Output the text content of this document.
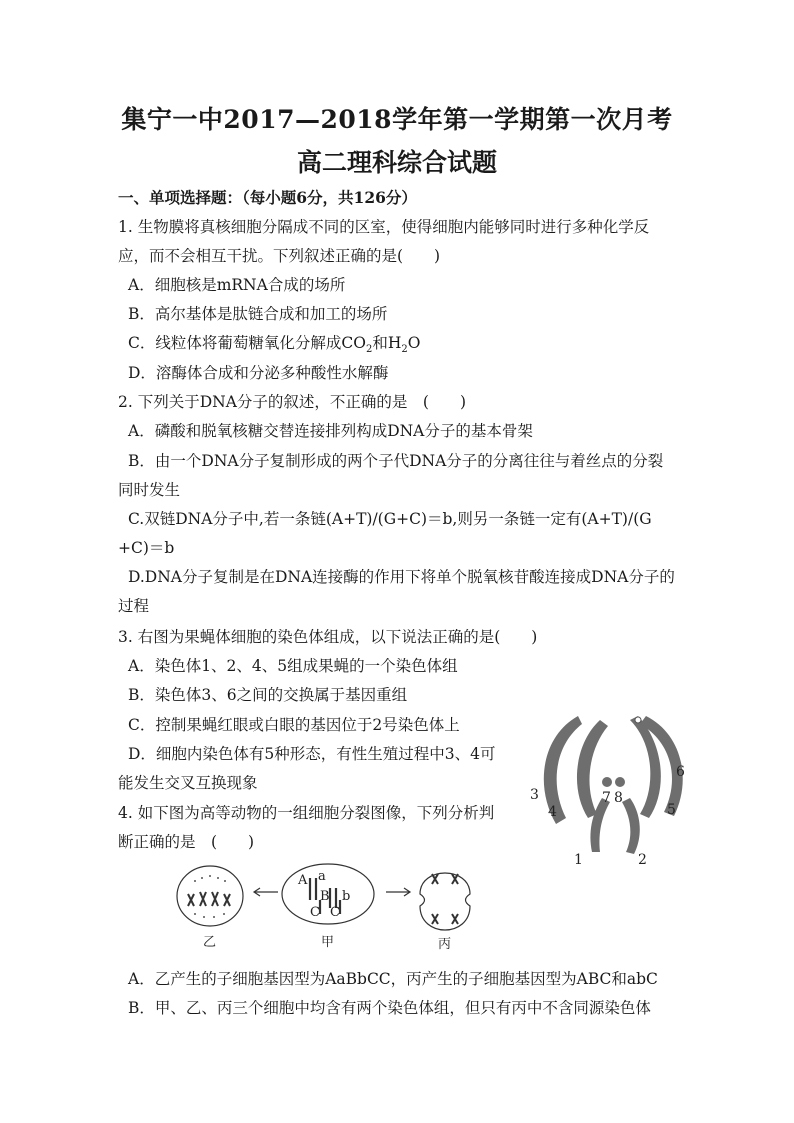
集宁一中2017—2018学年第一学期第一次月考
高二理科综合试题
一、单项选择题：（每小题6分，共126分）
1. 生物膜将真核细胞分隔成不同的区室，使得细胞内能够同时进行多种化学反
应，而不会相互干扰。下列叙述正确的是(　　)
A．细胞核是mRNA合成的场所
B．高尔基体是肽链合成和加工的场所
C．线粒体将葡萄糖氧化分解成$CO_2$和$H_2O$
D．溶酶体合成和分泌多种酸性水解酶
2. 下列关于DNA分子的叙述，不正确的是　(　　)
A．磷酸和脱氧核糖交替连接排列构成DNA分子的基本骨架
B．由一个DNA分子复制形成的两个子代DNA分子的分离往往与着丝点的分裂
同时发生
C.双链DNA分子中,若一条链(A+T)/(G+C)＝b,则另一条链一定有(A+T)/(G
+C)＝b
D.DNA分子复制是在DNA连接酶的作用下将单个脱氧核苷酸连接成DNA分子的
过程
3. 右图为果蝇体细胞的染色体组成，以下说法正确的是(　　)
A．染色体1、2、4、5组成果蝇的一个染色体组
B．染色体3、6之间的交换属于基因重组
C．控制果蝇红眼或白眼的基因位于2号染色体上
D．细胞内染色体有5种形态，有性生殖过程中3、4可
能发生交叉互换现象
4. 如下图为高等动物的一组细胞分裂图像，下列分析判
断正确的是　(　　)
3
4	5
6
7 8
1	2
A a
B b
C C
乙	甲	丙
A．乙产生的子细胞基因型为AaBbCC，丙产生的子细胞基因型为ABC和abC
B．甲、乙、丙三个细胞中均含有两个染色体组，但只有丙中不含同源染色体
